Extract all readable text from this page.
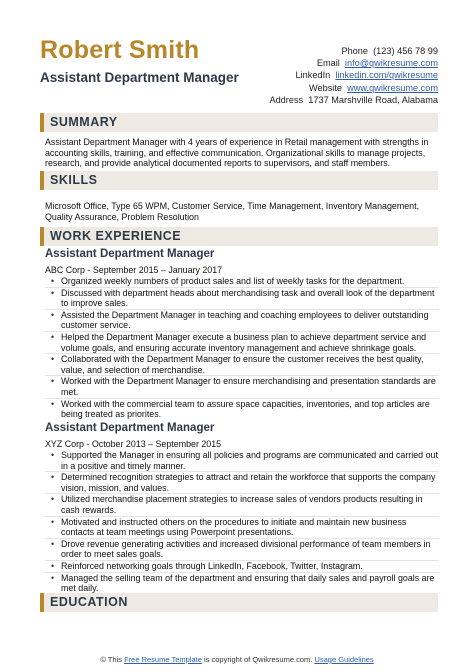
Robert Smith
Assistant Department Manager
Phone (123) 456 78 99
Email info@qwikresume.com
LinkedIn linkedin.com/qwikresume
Website www.qwikresume.com
Address 1737 Marshville Road, Alabama
SUMMARY
Assistant Department Manager with 4 years of experience in Retail management with strengths in accounting skills, training, and effective communication. Organizational skills to manage projects, research, and provide analytical documented reports to supervisors, and staff members.
SKILLS
Microsoft Office, Type 65 WPM, Customer Service, Time Management, Inventory Management, Quality Assurance, Problem Resolution
WORK EXPERIENCE
Assistant Department Manager
ABC Corp - September 2015 – January 2017
• Organized weekly numbers of product sales and list of weekly tasks for the department.
• Discussed with department heads about merchandising task and overall look of the department to improve sales.
• Assisted the Department Manager in teaching and coaching employees to deliver outstanding customer service.
• Helped the Department Manager execute a business plan to achieve department service and volume goals, and ensuring accurate inventory management and achieve shrinkage goals.
• Collaborated with the Department Manager to ensure the customer receives the best quality, value, and selection of merchandise.
• Worked with the Department Manager to ensure merchandising and presentation standards are met.
• Worked with the commercial team to assure space capacities, inventories, and top articles are being treated as priorites.
Assistant Department Manager
XYZ Corp - October 2013 – September 2015
• Supported the Manager in ensuring all policies and programs are communicated and carried out in a positive and timely manner.
• Determined recognition strategies to attract and retain the workforce that supports the company vision, mission, and values.
• Utilized merchandise placement strategies to increase sales of vendors products resulting in cash rewards.
• Motivated and instructed others on the procedures to initiate and maintain new business contacts at team meetings using Powerpoint presentations.
• Drove revenue generating activities and increased divisional performance of team members in order to meet sales goals.
• Reinforced networking goals through LinkedIn, Facebook, Twitter, Instagram.
• Managed the selling team of the department and ensuring that daily sales and payroll goals are met daily.
EDUCATION
© This Free Resume Template is copyright of Qwikresume.com. Usage Guidelines
